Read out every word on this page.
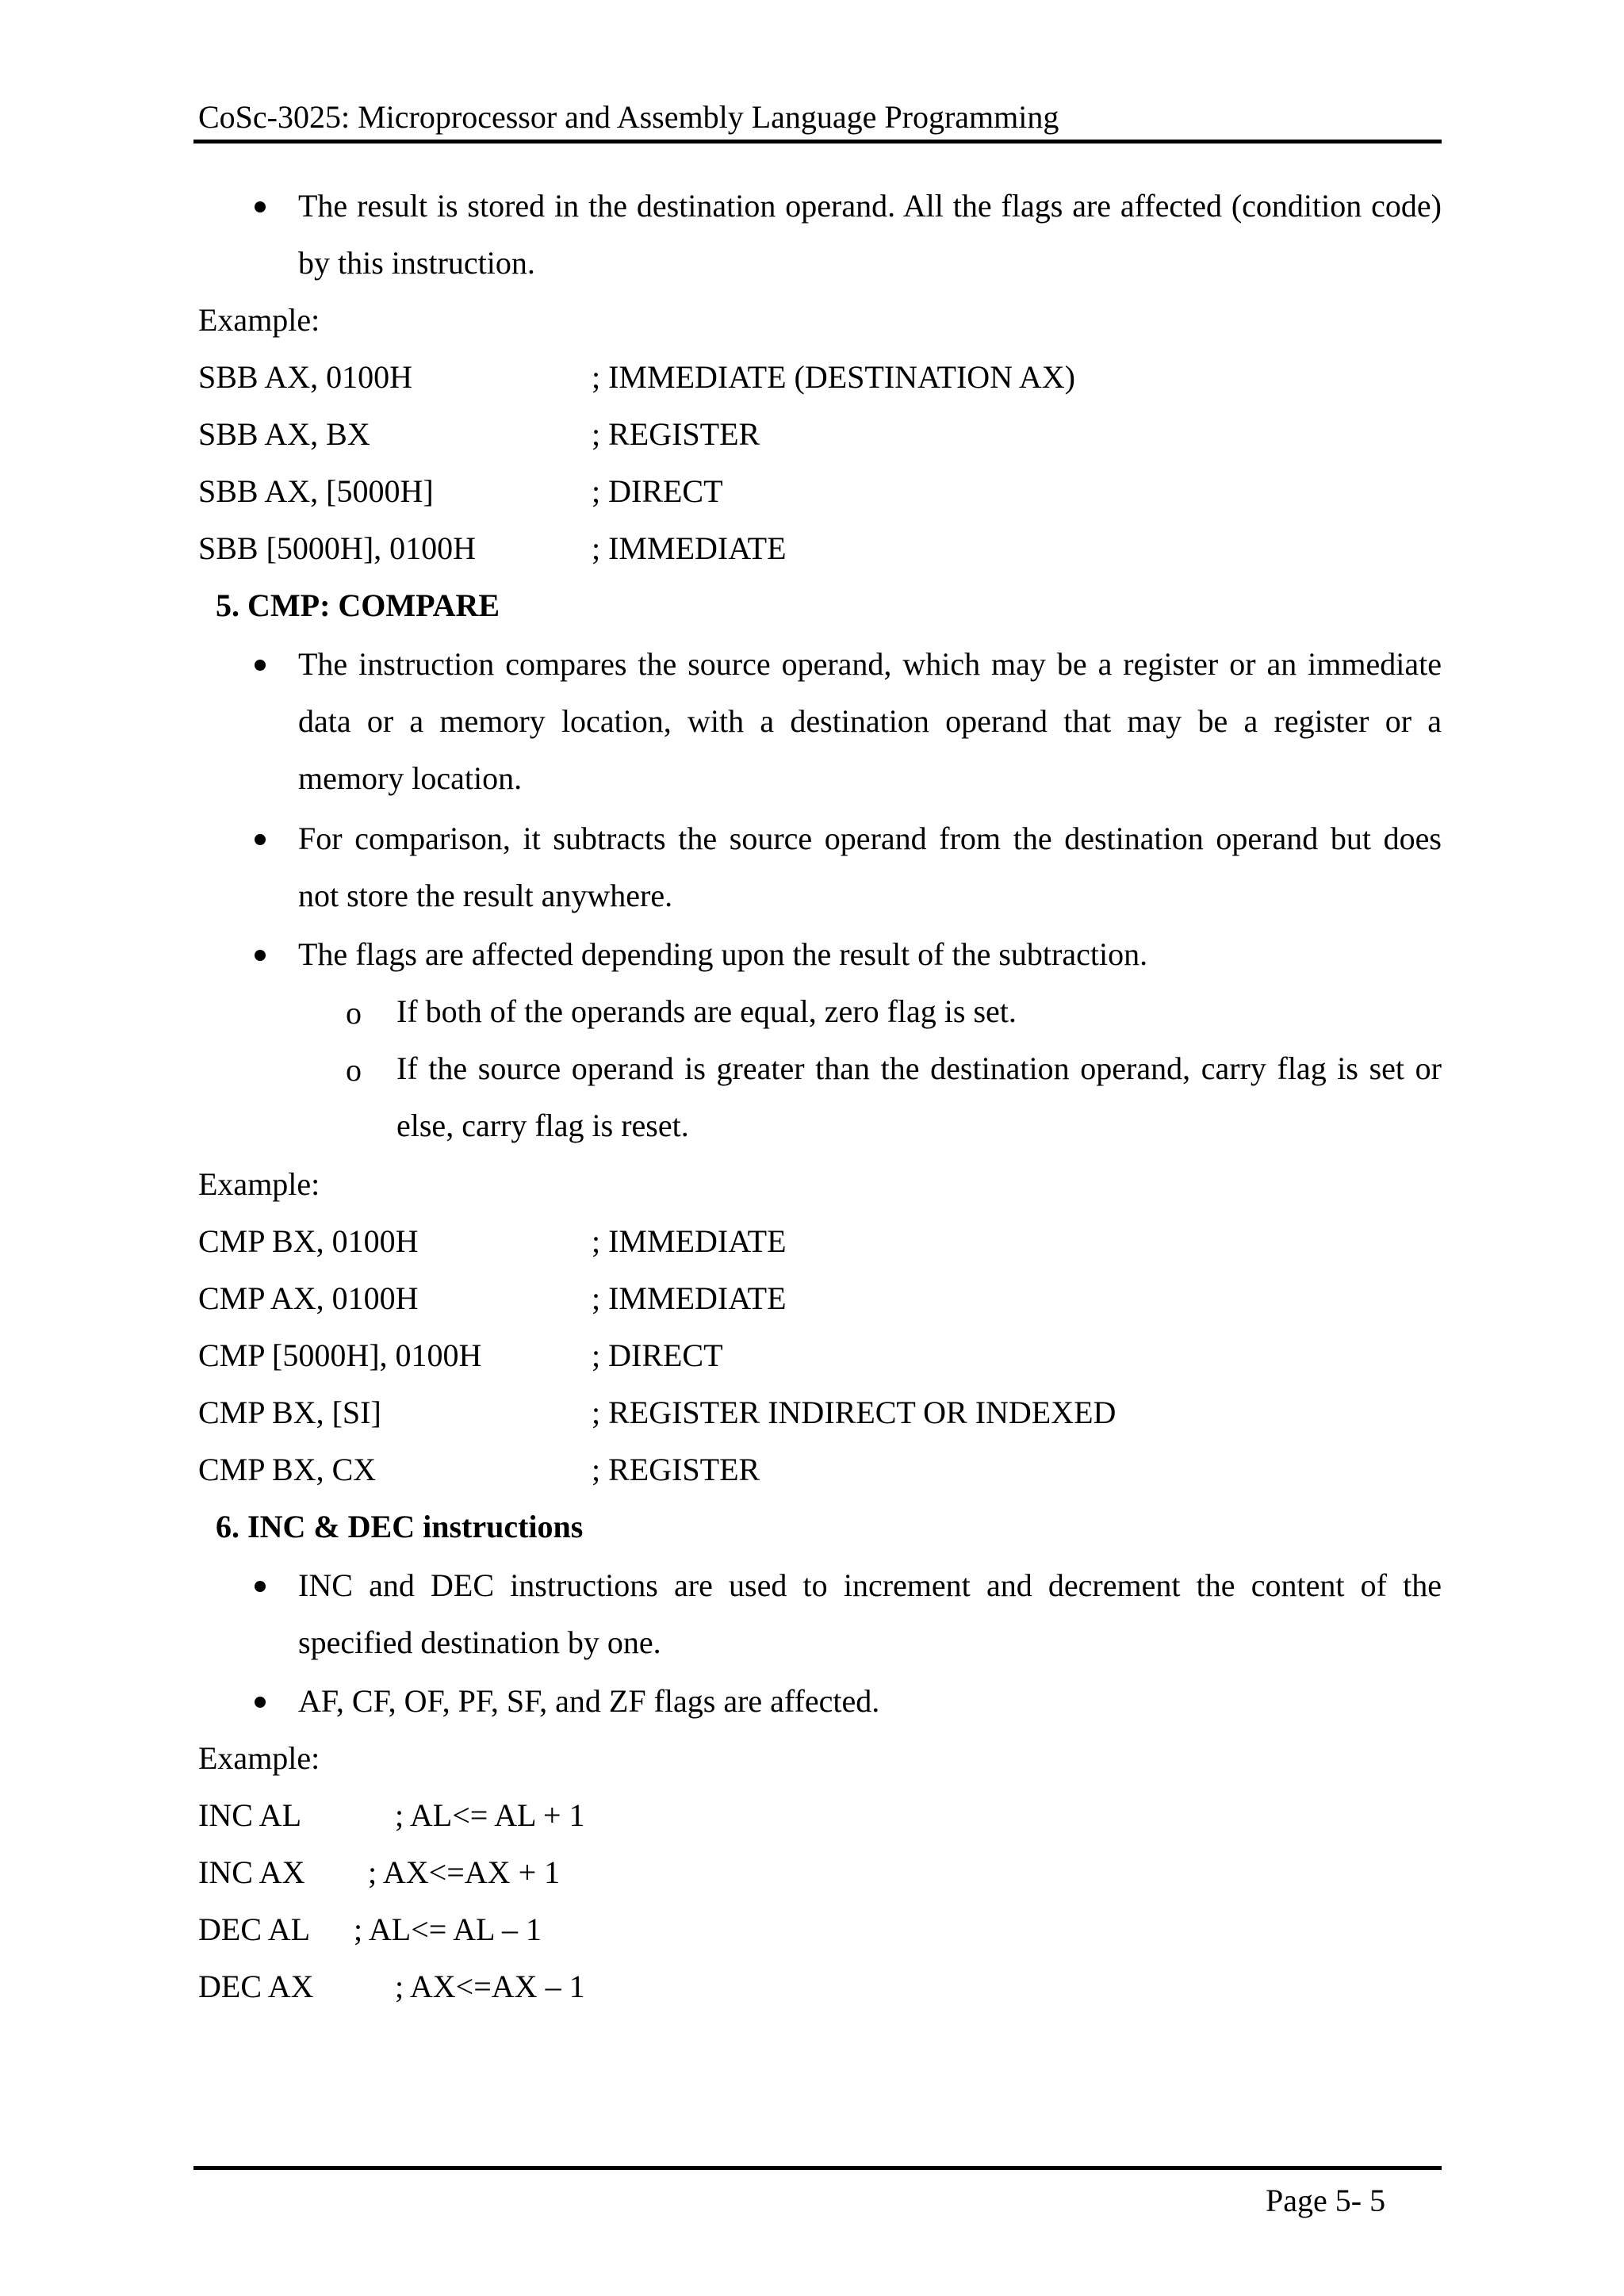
CoSc-3025: Microprocessor and Assembly Language Programming
The result is stored in the destination operand. All the flags are affected (condition code)
by this instruction.
Example:
SBB AX, 0100H	; IMMEDIATE (DESTINATION AX)
SBB AX, BX	; REGISTER
SBB AX, [5000H]	; DIRECT
SBB [5000H], 0100H	; IMMEDIATE
5. CMP: COMPARE
The instruction compares the source operand, which may be a register or an immediate
data or a memory location, with a destination operand that may be a register or a
memory location.
For comparison, it subtracts the source operand from the destination operand but does
not store the result anywhere.
The flags are affected depending upon the result of the subtraction.
o If both of the operands are equal, zero flag is set.
o If the source operand is greater than the destination operand, carry flag is set or
else, carry flag is reset.
Example:
CMP BX, 0100H	; IMMEDIATE
CMP AX, 0100H	; IMMEDIATE
CMP [5000H], 0100H	; DIRECT
CMP BX, [SI]	; REGISTER INDIRECT OR INDEXED
CMP BX, CX	; REGISTER
6. INC & DEC instructions
INC and DEC instructions are used to increment and decrement the content of the
specified destination by one.
AF, CF, OF, PF, SF, and ZF flags are affected.
Example:
INC AL	; AL<= AL + 1
INC AX ; AX<=AX + 1
DEC AL ; AL<= AL – 1
DEC AX	; AX<=AX – 1
Page 5- 5
